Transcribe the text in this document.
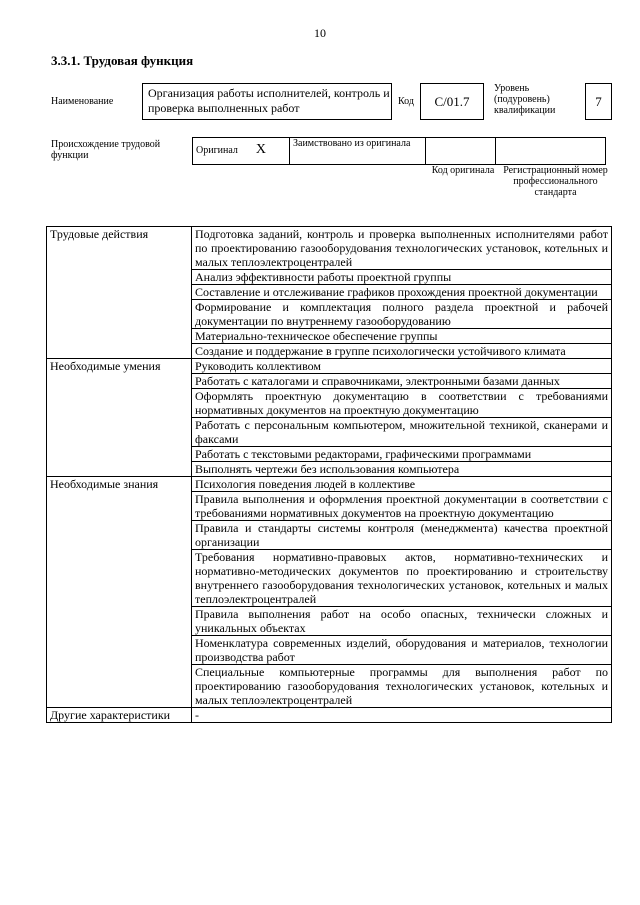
10
3.3.1. Трудовая функция
Наименование
Организация работы исполнителей, контроль и проверка выполненных работ	Код	С/01.7
Уровень (подуровень) квалификации
7
Происхождение трудовой функции	Оригинал X	Заимствовано из оригинала		
Код оригинала Регистрационный номер профессионального стандарта
Трудовые действия	Подготовка заданий, контроль и проверка выполненных исполнителями работ по проектированию газооборудования технологических установок, котельных и малых теплоэлектроцентралей
	Анализ эффективности работы проектной группы
	Составление и отслеживание графиков прохождения проектной документации
	Формирование и комплектация полного раздела проектной и рабочей документации по внутреннему газооборудованию
	Материально-техническое обеспечение группы
	Создание и поддержание в группе психологически устойчивого климата
Необходимые умения	Руководить коллективом
	Работать с каталогами и справочниками, электронными базами данных
	Оформлять проектную документацию в соответствии с требованиями нормативных документов на проектную документацию
	Работать с персональным компьютером, множительной техникой, сканерами и факсами
	Работать с текстовыми редакторами, графическими программами
	Выполнять чертежи без использования компьютера
Необходимые знания	Психология поведения людей в коллективе
	Правила выполнения и оформления проектной документации в соответствии с требованиями нормативных документов на проектную документацию
	Правила и стандарты системы контроля (менеджмента) качества проектной организации
	Требования нормативно-правовых актов, нормативно-технических и нормативно-методических документов по проектированию и строительству внутреннего газооборудования технологических установок, котельных и малых теплоэлектроцентралей
	Правила выполнения работ на особо опасных, технически сложных и уникальных объектах
	Номенклатура современных изделий, оборудования и материалов, технологии производства работ
	Специальные компьютерные программы для выполнения работ по проектированию газооборудования технологических установок, котельных и малых теплоэлектроцентралей
Другие характеристики	-
